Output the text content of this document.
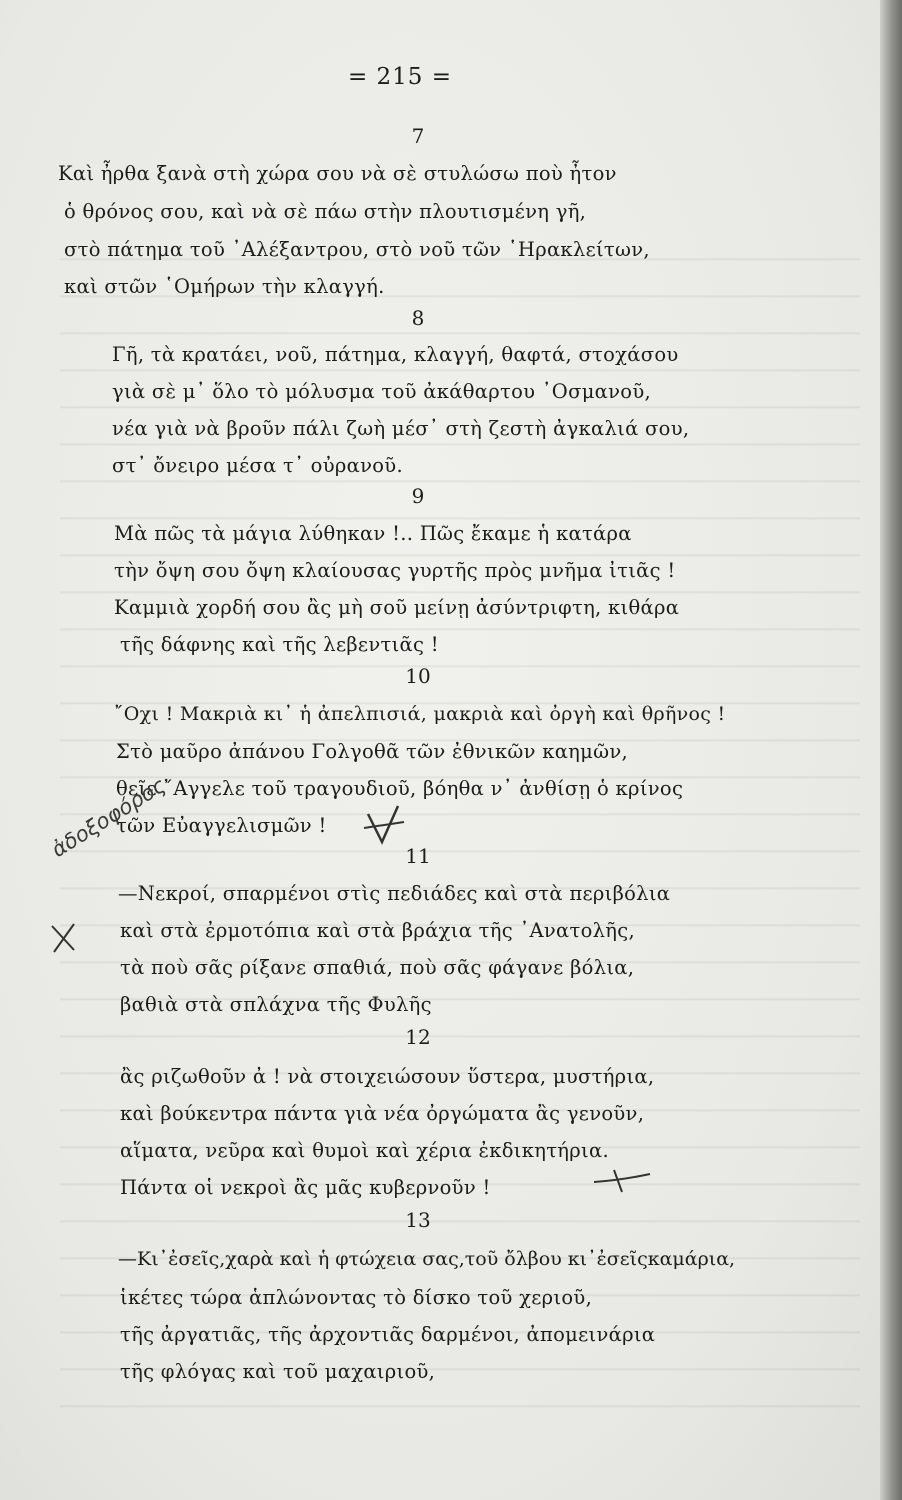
= 215 =
7
Καὶ ἦρθα ξανὰ στὴ χώρα σου νὰ σὲ στυλώσω ποὺ ἦτον
ὁ θρόνος σου, καὶ νὰ σὲ πάω στὴν πλουτισμένη γῆ,
στὸ πάτημα τοῦ ᾿Αλέξαντρου, στὸ νοῦ τῶν ῾Ηρακλείτων,
καὶ στῶν ῾Ομήρων τὴν κλαγγή.
8
Γῆ, τὰ κρατάει, νοῦ, πάτημα, κλαγγή, θαφτά, στοχάσου
γιὰ σὲ μ᾿ ὅλο τὸ μόλυσμα τοῦ ἀκάθαρτου ᾿Οσμανοῦ,
νέα γιὰ νὰ βροῦν πάλι ζωὴ μέσ᾿ στὴ ζεστὴ ἀγκαλιά σου,
στ᾿ ὄνειρο μέσα τ᾿ οὐρανοῦ.
9
Μὰ πῶς τὰ μάγια λύθηκαν !.. Πῶς ἔκαμε ἡ κατάρα
τὴν ὄψη σου ὄψη κλαίουσας γυρτῆς πρὸς μνῆμα ἰτιᾶς !
Καμμιὰ χορδή σου ἂς μὴ σοῦ μείνῃ ἀσύντριφτη, κιθάρα
τῆς δάφνης καὶ τῆς λεβεντιᾶς !
10
῎Οχι ! Μακριὰ κι᾿ ἡ ἀπελπισιά, μακριὰ καὶ ὀργὴ καὶ θρῆνος !
Στὸ μαῦρο ἀπάνου Γολγοθᾶ τῶν ἐθνικῶν καημῶν,
θεῖε ῎Αγγελε τοῦ τραγουδιοῦ, βόηθα ν᾿ ἀνθίσῃ ὁ κρίνος
τῶν Εὐαγγελισμῶν !
11
—Νεκροί, σπαρμένοι στὶς πεδιάδες καὶ στὰ περιβόλια
καὶ στὰ ἐρμοτόπια καὶ στὰ βράχια τῆς ᾿Ανατολῆς,
τὰ ποὺ σᾶς ρίξανε σπαθιά, ποὺ σᾶς φάγανε βόλια,
βαθιὰ στὰ σπλάχνα τῆς Φυλῆς
ἀδοξοφόρος
12
ἂς ριζωθοῦν ἀ ! νὰ στοιχειώσουν ὕστερα, μυστήρια,
καὶ βούκεντρα πάντα γιὰ νέα ὀργώματα ἂς γενοῦν,
αἵματα, νεῦρα καὶ θυμοὶ καὶ χέρια ἐκδικητήρια.
Πάντα οἱ νεκροὶ ἂς μᾶς κυβερνοῦν !
13
—Κι᾿ἐσεῖς,χαρὰ καὶ ἡ φτώχεια σας,τοῦ ὄλβου κι᾿ἐσεῖςκαμάρια,
ἱκέτες τώρα ἁπλώνοντας τὸ δίσκο τοῦ χεριοῦ,
τῆς ἀργατιᾶς, τῆς ἀρχοντιᾶς δαρμένοι, ἀπομεινάρια
τῆς φλόγας καὶ τοῦ μαχαιριοῦ,
